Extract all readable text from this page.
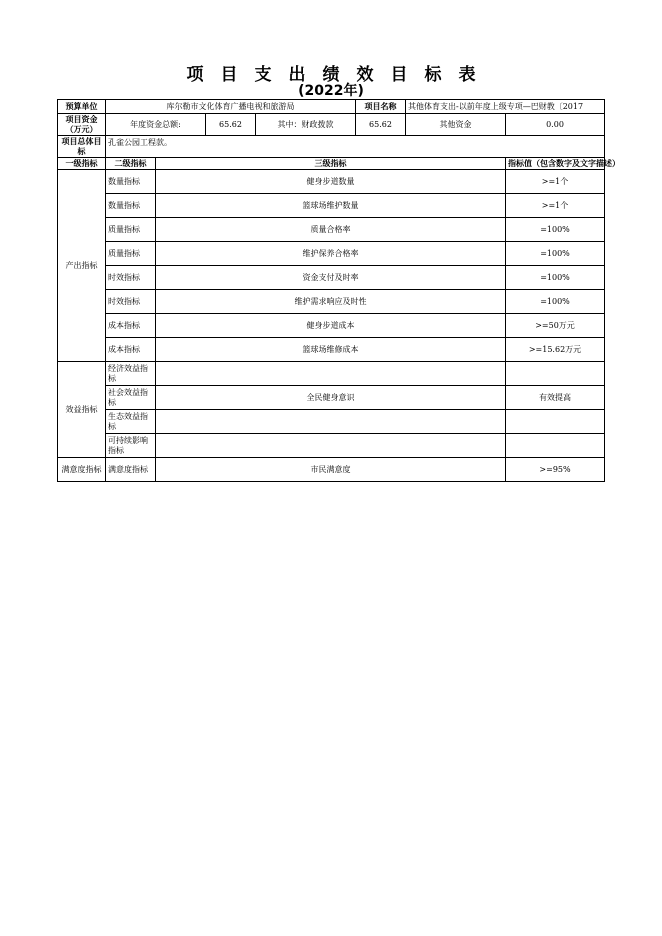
项目支出绩效目标表
(2022年)
预算单位	库尔勒市文化体育广播电视和旅游局				项目名称	其他体育支出-以前年度上级专项—巴财教〔2017	
项目资金（万元）	年度资金总额:		65.62	其中：财政拨款	65.62	其他资金	0.00
项目总体目标	孔雀公园工程款。						
一级指标	二级指标	三级指标					指标值（包含数字及文字描述）
产出指标	数量指标	健身步道数量					>=1个
	数量指标	篮球场维护数量					>=1个
	质量指标	质量合格率					=100%
	质量指标	维护保养合格率					=100%
	时效指标	资金支付及时率					=100%
	时效指标	维护需求响应及时性					=100%
	成本指标	健身步道成本					>=50万元
	成本指标	篮球场维修成本					>=15.62万元
效益指标	经济效益指标						
	社会效益指标	全民健身意识					有效提高
	生态效益指标						
	可持续影响指标						
满意度指标	满意度指标	市民满意度					>=95%
